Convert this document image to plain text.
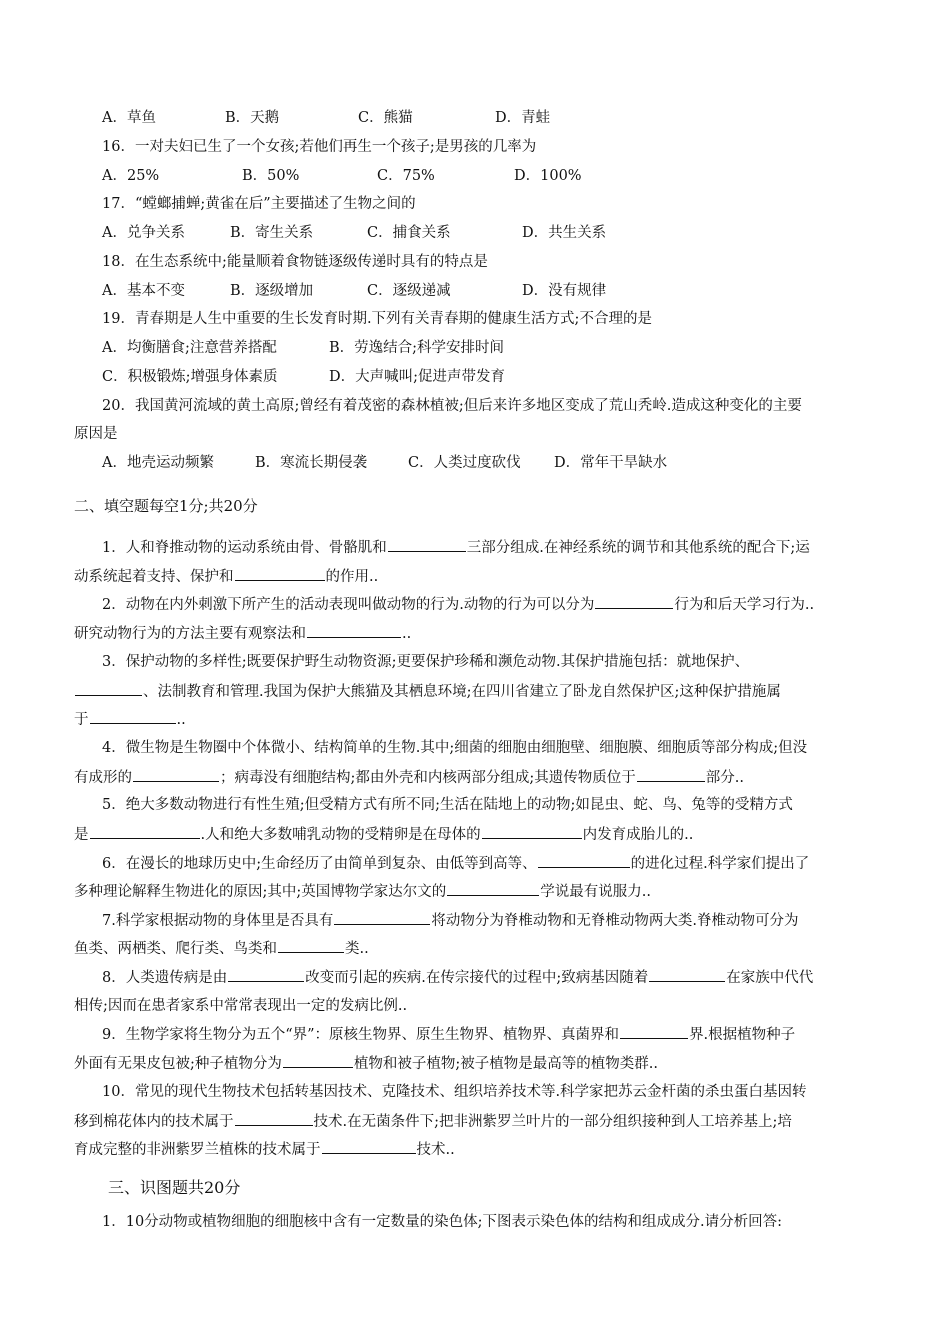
A．草鱼	B．天鹅	C．熊猫	D．青蛙
16．一对夫妇已生了一个女孩;若他们再生一个孩子;是男孩的几率为
A．25%	B．50%	C．75%	D．100%
17．“螳螂捕蝉;黄雀在后”主要描述了生物之间的
A．兑争关系	B．寄生关系	C．捕食关系	D．共生关系
18．在生态系统中;能量顺着食物链逐级传递时具有的特点是
A．基本不变	B．逐级增加	C．逐级递减	D．没有规律
19．青春期是人生中重要的生长发育时期.下列有关青春期的健康生活方式;不合理的是
A．均衡膳食;注意营养搭配	B．劳逸结合;科学安排时间
C．积极锻炼;增强身体素质	D．大声喊叫;促进声带发育
20．我国黄河流域的黄土高原;曾经有着茂密的森林植被;但后来许多地区变成了荒山秃岭.造成这种变化的主要
原因是
A．地壳运动频繁	B．寒流长期侵袭	C．人类过度砍伐 D．常年干旱缺水
二、填空题每空1分;共20分
1．人和脊推动物的运动系统由骨、骨骼肌和	三部分组成.在神经系统的调节和其他系统的配合下;运
动系统起着支持、保护和	的作用..
2．动物在内外刺激下所产生的活动表现叫做动物的行为.动物的行为可以分为	行为和后天学习行为..
研究动物行为的方法主要有观察法和	..
3．保护动物的多样性;既要保护野生动物资源;更要保护珍稀和濒危动物.其保护措施包括：就地保护、
、法制教育和管理.我国为保护大熊猫及其栖息环境;在四川省建立了卧龙自然保护区;这种保护措施属
于	..
4．微生物是生物圈中个体微小、结构简单的生物.其中;细菌的细胞由细胞壁、细胞膜、细胞质等部分构成;但没
有成形的	；病毒没有细胞结构;都由外壳和内核两部分组成;其遗传物质位于	部分..
5．绝大多数动物进行有性生殖;但受精方式有所不同;生活在陆地上的动物;如昆虫、蛇、鸟、兔等的受精方式
是	.人和绝大多数哺乳动物的受精卵是在母体的	内发育成胎儿的..
6．在漫长的地球历史中;生命经历了由简单到复杂、由低等到高等、	的进化过程.科学家们提出了
多种理论解释生物进化的原因;其中;英国博物学家达尔文的	学说最有说服力..
7.科学家根据动物的身体里是否具有	将动物分为脊椎动物和无脊椎动物两大类.脊椎动物可分为
鱼类、两栖类、爬行类、鸟类和	类..
8．人类遗传病是由	改变而引起的疾病.在传宗接代的过程中;致病基因随着	在家族中代代
相传;因而在患者家系中常常表现出一定的发病比例..
9．生物学家将生物分为五个“界”：原核生物界、原生生物界、植物界、真菌界和	界.根据植物种子
外面有无果皮包被;种子植物分为	植物和被子植物;被子植物是最高等的植物类群..
10．常见的现代生物技术包括转基因技术、克隆技术、组织培养技术等.科学家把苏云金杆菌的杀虫蛋白基因转
移到棉花体内的技术属于	技术.在无菌条件下;把非洲紫罗兰叶片的一部分组织接种到人工培养基上;培
育成完整的非洲紫罗兰植株的技术属于	技术..
三、识图题共20分
1．10分动物或植物细胞的细胞核中含有一定数量的染色体;下图表示染色体的结构和组成成分.请分析回答:
